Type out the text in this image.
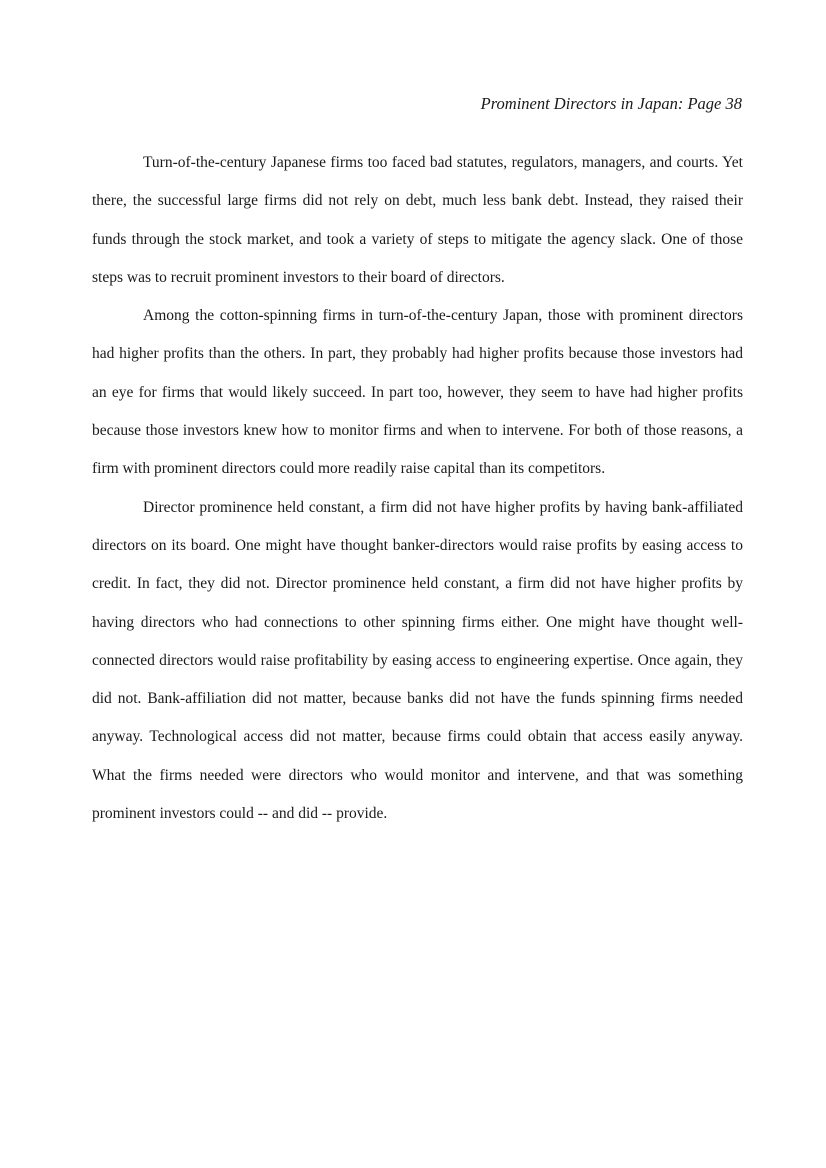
Prominent Directors in Japan: Page 38

Turn-of-the-century Japanese firms too faced bad statutes, regulators, managers, and courts. Yet there, the successful large firms did not rely on debt, much less bank debt. Instead, they raised their funds through the stock market, and took a variety of steps to mitigate the agency slack. One of those steps was to recruit prominent investors to their board of directors.

Among the cotton-spinning firms in turn-of-the-century Japan, those with prominent directors had higher profits than the others. In part, they probably had higher profits because those investors had an eye for firms that would likely succeed. In part too, however, they seem to have had higher profits because those investors knew how to monitor firms and when to intervene. For both of those reasons, a firm with prominent directors could more readily raise capital than its competitors.

Director prominence held constant, a firm did not have higher profits by having bank-affiliated directors on its board. One might have thought banker-directors would raise profits by easing access to credit. In fact, they did not. Director prominence held constant, a firm did not have higher profits by having directors who had connections to other spinning firms either. One might have thought well-connected directors would raise profitability by easing access to engineering expertise. Once again, they did not. Bank-affiliation did not matter, because banks did not have the funds spinning firms needed anyway. Technological access did not matter, because firms could obtain that access easily anyway. What the firms needed were directors who would monitor and intervene, and that was something prominent investors could -- and did -- provide.
